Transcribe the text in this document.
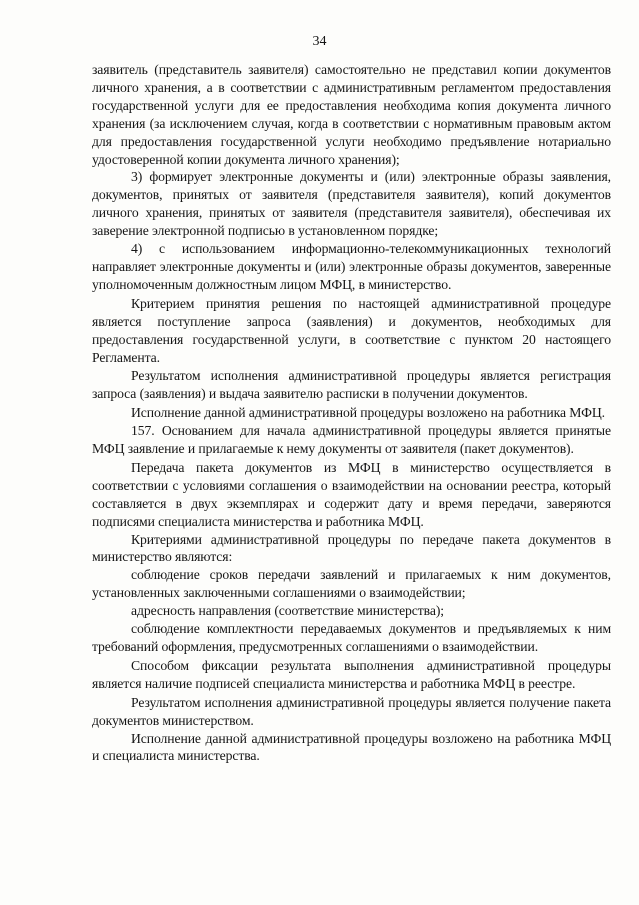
34

заявитель (представитель заявителя) самостоятельно не представил копии документов личного хранения, а в соответствии с административным регламентом предоставления государственной услуги для ее предоставления необходима копия документа личного хранения (за исключением случая, когда в соответствии с нормативным правовым актом для предоставления государственной услуги необходимо предъявление нотариально удостоверенной копии документа личного хранения);

3) формирует электронные документы и (или) электронные образы заявления, документов, принятых от заявителя (представителя заявителя), копий документов личного хранения, принятых от заявителя (представителя заявителя), обеспечивая их заверение электронной подписью в установленном порядке;

4) с использованием информационно-телекоммуникационных технологий направляет электронные документы и (или) электронные образы документов, заверенные уполномоченным должностным лицом МФЦ, в министерство.

Критерием принятия решения по настоящей административной процедуре является поступление запроса (заявления) и документов, необходимых для предоставления государственной услуги, в соответствие с пунктом 20 настоящего Регламента.

Результатом исполнения административной процедуры является регистрация запроса (заявления) и выдача заявителю расписки в получении документов.

Исполнение данной административной процедуры возложено на работника МФЦ.

157. Основанием для начала административной процедуры является принятые МФЦ заявление и прилагаемые к нему документы от заявителя (пакет документов).

Передача пакета документов из МФЦ в министерство осуществляется в соответствии с условиями соглашения о взаимодействии на основании реестра, который составляется в двух экземплярах и содержит дату и время передачи, заверяются подписями специалиста министерства и работника МФЦ.

Критериями административной процедуры по передаче пакета документов в министерство являются:

соблюдение сроков передачи заявлений и прилагаемых к ним документов, установленных заключенными соглашениями о взаимодействии;

адресность направления (соответствие министерства);

соблюдение комплектности передаваемых документов и предъявляемых к ним требований оформления, предусмотренных соглашениями о взаимодействии.

Способом фиксации результата выполнения административной процедуры является наличие подписей специалиста министерства и работника МФЦ в реестре.

Результатом исполнения административной процедуры является получение пакета документов министерством.

Исполнение данной административной процедуры возложено на работника МФЦ и специалиста министерства.
